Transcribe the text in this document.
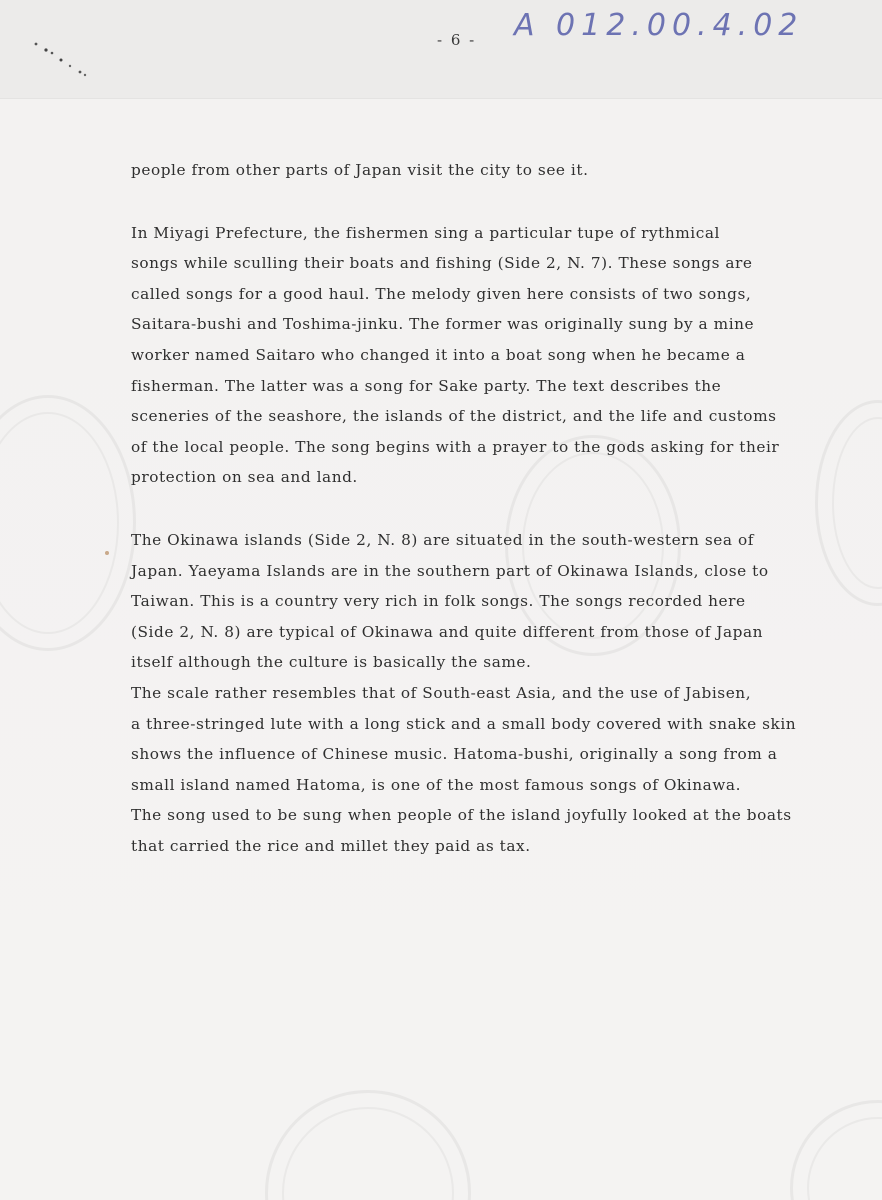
- 6 - A 012.00.4.02

people from other parts of Japan visit the city to see it.

In Miyagi Prefecture, the fishermen sing a particular tupe of rythmical

songs while sculling their boats and fishing (Side 2, N. 7). These songs are

called songs for a good haul. The melody given here consists of two songs,

Saitara-bushi and Toshima-jinku. The former was originally sung by a mine

worker named Saitaro who changed it into a boat song when he became a

fisherman. The latter was a song for Sake party. The text describes the

sceneries of the seashore, the islands of the district, and the life and customs

of the local people. The song begins with a prayer to the gods asking for their

protection on sea and land.

The Okinawa islands (Side 2, N. 8) are situated in the south-western sea of

Japan. Yaeyama Islands are in the southern part of Okinawa Islands, close to

Taiwan. This is a country very rich in folk songs. The songs recorded here

(Side 2, N. 8) are typical of Okinawa and quite different from those of Japan

itself although the culture is basically the same.

The scale rather resembles that of South-east Asia, and the use of Jabisen,

a three-stringed lute with a long stick and a small body covered with snake skin

shows the influence of Chinese music. Hatoma-bushi, originally a song from a

small island named Hatoma, is one of the most famous songs of Okinawa.

The song used to be sung when people of the island joyfully looked at the boats

that carried the rice and millet they paid as tax.
